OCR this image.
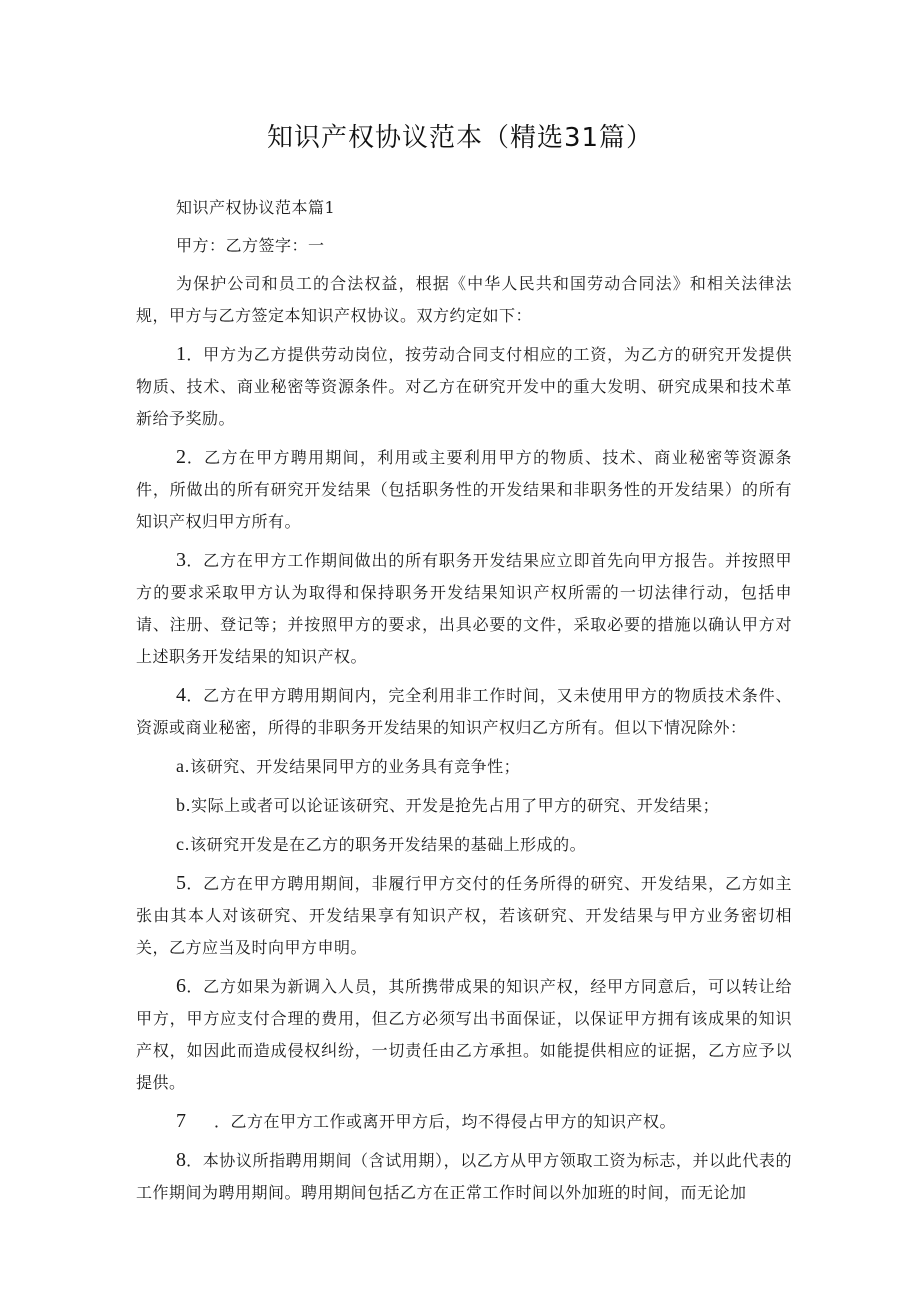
知识产权协议范本（精选31篇）

知识产权协议范本篇1

甲方：乙方签字：一

为保护公司和员工的合法权益，根据《中华人民共和国劳动合同法》和相关法律法规，甲方与乙方签定本知识产权协议。双方约定如下：

1．甲方为乙方提供劳动岗位，按劳动合同支付相应的工资，为乙方的研究开发提供物质、技术、商业秘密等资源条件。对乙方在研究开发中的重大发明、研究成果和技术革新给予奖励。

2．乙方在甲方聘用期间，利用或主要利用甲方的物质、技术、商业秘密等资源条件，所做出的所有研究开发结果（包括职务性的开发结果和非职务性的开发结果）的所有知识产权归甲方所有。

3．乙方在甲方工作期间做出的所有职务开发结果应立即首先向甲方报告。并按照甲方的要求采取甲方认为取得和保持职务开发结果知识产权所需的一切法律行动，包括申请、注册、登记等；并按照甲方的要求，出具必要的文件，采取必要的措施以确认甲方对上述职务开发结果的知识产权。

4．乙方在甲方聘用期间内，完全利用非工作时间，又未使用甲方的物质技术条件、资源或商业秘密，所得的非职务开发结果的知识产权归乙方所有。但以下情况除外：

a.该研究、开发结果同甲方的业务具有竞争性；

b.实际上或者可以论证该研究、开发是抢先占用了甲方的研究、开发结果；

c.该研究开发是在乙方的职务开发结果的基础上形成的。

5．乙方在甲方聘用期间，非履行甲方交付的任务所得的研究、开发结果，乙方如主张由其本人对该研究、开发结果享有知识产权，若该研究、开发结果与甲方业务密切相关，乙方应当及时向甲方申明。

6．乙方如果为新调入人员，其所携带成果的知识产权，经甲方同意后，可以转让给甲方，甲方应支付合理的费用，但乙方必须写出书面保证，以保证甲方拥有该成果的知识产权，如因此而造成侵权纠纷，一切责任由乙方承担。如能提供相应的证据，乙方应予以提供。

7 ．乙方在甲方工作或离开甲方后，均不得侵占甲方的知识产权。

8．本协议所指聘用期间（含试用期），以乙方从甲方领取工资为标志，并以此代表的工作期间为聘用期间。聘用期间包括乙方在正常工作时间以外加班的时间，而无论加
